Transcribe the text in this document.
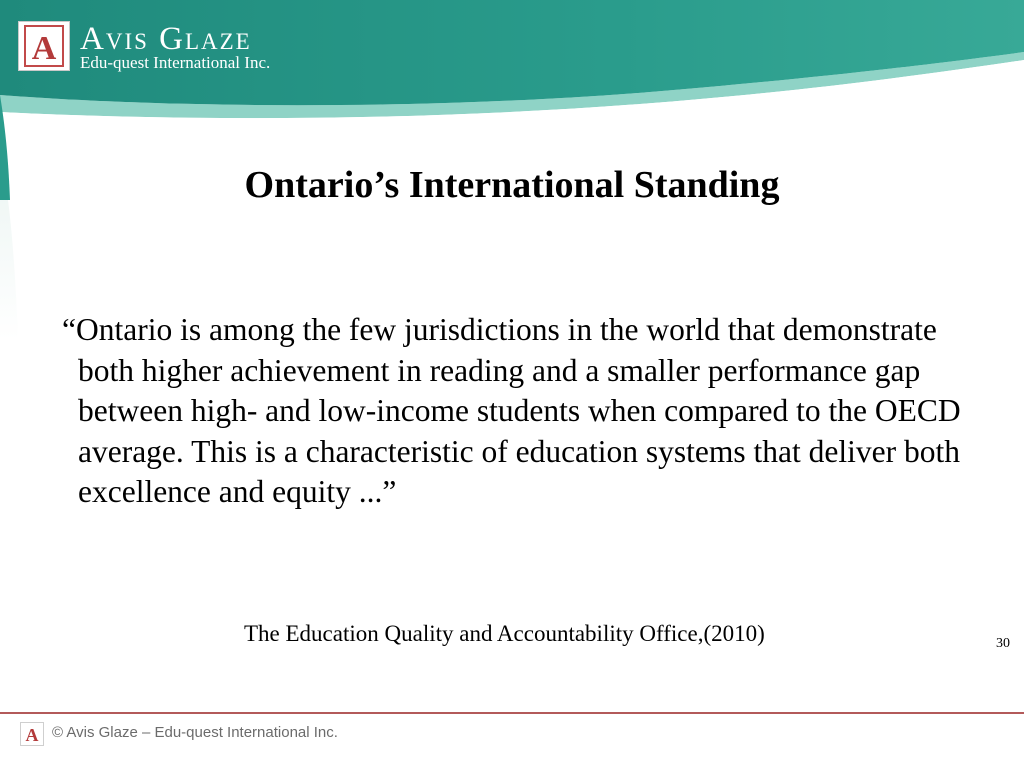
A Avis Glaze
Edu-quest International Inc.
Ontario’s International Standing

“Ontario is among the few jurisdictions in the world that demonstrate both higher achievement in reading and a smaller performance gap between high- and low-income students when compared to the OECD average. This is a characteristic of education systems that deliver both excellence and equity ...”

The Education Quality and Accountability Office,(2010)	30
A © Avis Glaze – Edu-quest International Inc.
